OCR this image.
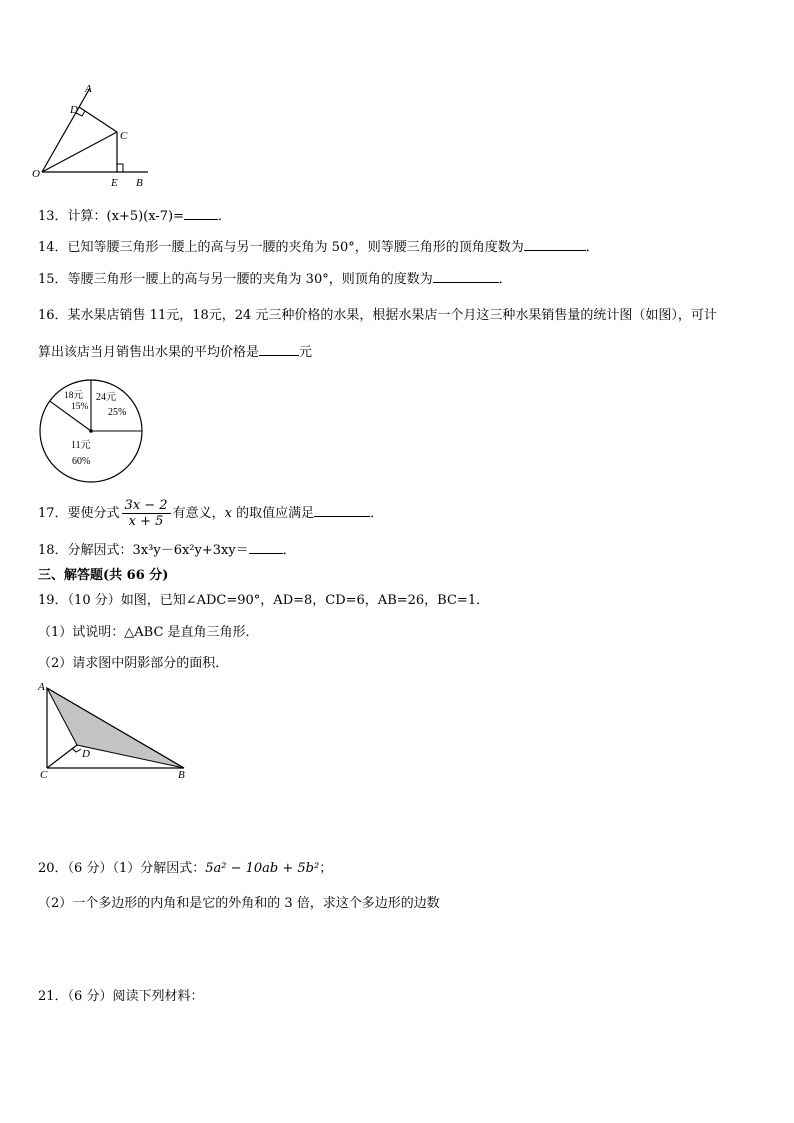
A
D
C
O
E B
13．计算：(x+5)(x-7)=	．
14．已知等腰三角形一腰上的高与另一腰的夹角为 50°，则等腰三角形的顶角度数为	．
15．等腰三角形一腰上的高与另一腰的夹角为 30°，则顶角的度数为	．
16．某水果店销售 11元，18元，24 元三种价格的水果，根据水果店一个月这三种水果销售量的统计图（如图），可计
算出该店当月销售出水果的平均价格是	元
24元
25%
11元
60%
18元
15%
17．要使分式 $\frac{3x - 2}{x + 5}$ 有意义，x 的取值应满足	．
18．分解因式：3x³y－6x²y+3xy＝	．
三、解答题(共 66 分)
19．（10 分）如图，已知∠ADC=90°，AD=8，CD=6，AB=26，BC=1．
（1）试说明：△ABC 是直角三角形．
（2）请求图中阴影部分的面积．
A
D
C	B
20．（6 分）（1）分解因式：5a² − 10ab + 5b²；
（2）一个多边形的内角和是它的外角和的 3 倍，求这个多边形的边数
21．（6 分）阅读下列材料：
